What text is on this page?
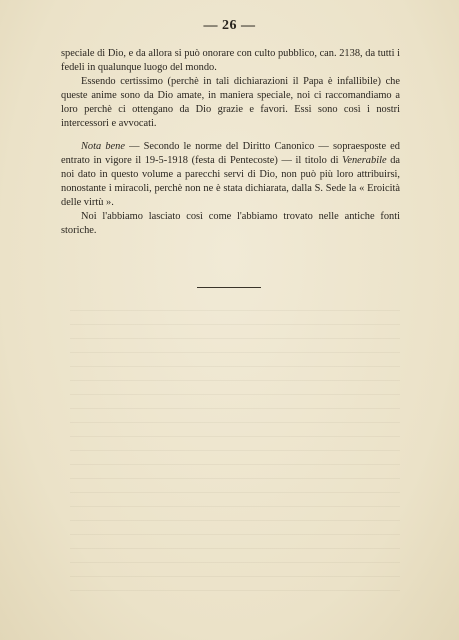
— 26 —

speciale di Dio, e da allora si può onorare con culto pubblico, can. 2138, da tutti i fedeli in qualunque luogo del mondo.

Essendo certissimo (perchè in tali dichiarazioni il Papa è infallibile) che queste anime sono da Dio amate, in maniera speciale, noi ci raccomandiamo a loro perchè ci ottengano da Dio grazie e favori. Essi sono così i nostri intercessori e avvocati.

Nota bene — Secondo le norme del Diritto Canonico — sopraesposte ed entrato in vigore il 19-5-1918 (festa di Pentecoste) — il titolo di Venerabile da noi dato in questo volume a parecchi servi di Dio, non può più loro attribuirsi, nonostante i miracoli, perchè non ne è stata dichiarata, dalla S. Sede la « Eroicità delle virtù ».

Noi l'abbiamo lasciato così come l'abbiamo trovato nelle antiche fonti storiche.
